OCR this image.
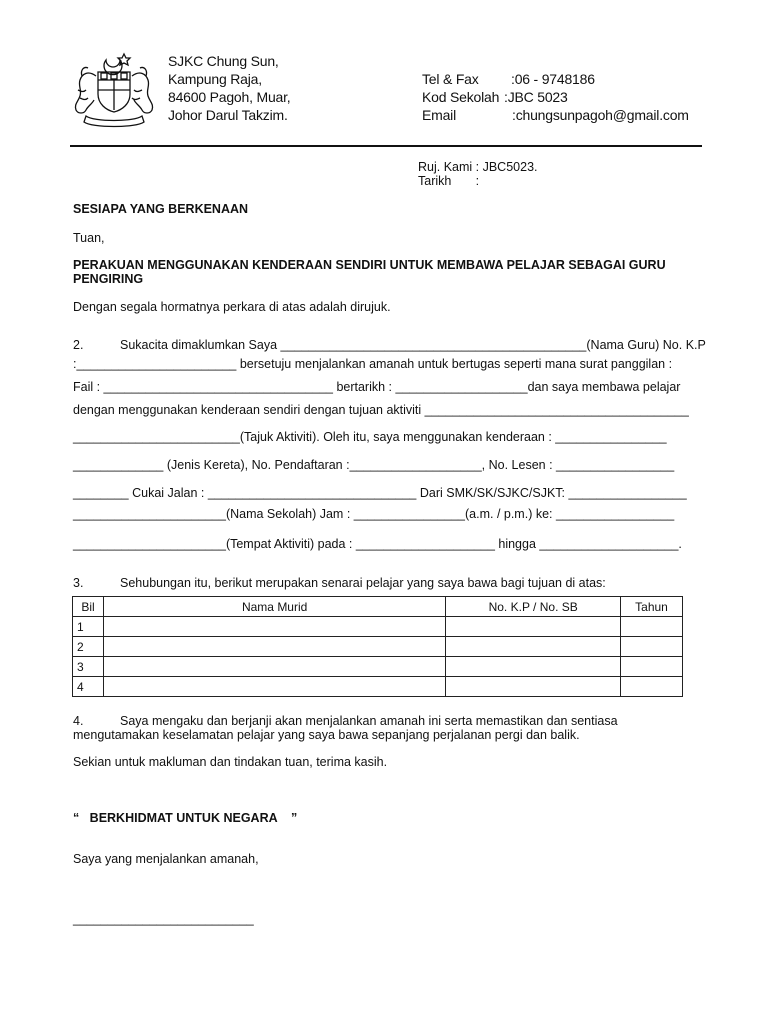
SJKC Chung Sun,
Kampung Raja,
84600 Pagoh, Muar,
Johor Darul Takzim.
Tel & Fax :06 - 9748186
Kod Sekolah :JBC 5023
Email	:chungsunpagoh@gmail.com
Ruj. Kami : JBC5023.
Tarikh       :
SESIAPA YANG BERKENAAN
Tuan,
PERAKUAN MENGGUNAKAN KENDERAAN SENDIRI UNTUK MEMBAWA PELAJAR SEBAGAI GURU
PENGIRING
Dengan segala hormatnya perkara di atas adalah dirujuk.
2.	Sukacita dimaklumkan Saya ____________________________________________(Nama Guru) No. K.P
:_______________________ bersetuju menjalankan amanah untuk bertugas seperti mana surat panggilan :
Fail : _________________________________ bertarikh : ___________________dan saya membawa pelajar
dengan menggunakan kenderaan sendiri dengan tujuan aktiviti ______________________________________
________________________(Tajuk Aktiviti). Oleh itu, saya menggunakan kenderaan : ________________
_____________ (Jenis Kereta), No. Pendaftaran :___________________, No. Lesen : _________________
________ Cukai Jalan : ______________________________ Dari SMK/SK/SJKC/SJKT: _________________
______________________(Nama Sekolah) Jam : ________________(a.m. / p.m.) ke: _________________
______________________(Tempat Aktiviti) pada : ____________________ hingga ____________________.
3.	Sehubungan itu, berikut merupakan senarai pelajar yang saya bawa bagi tujuan di atas:
Bil	Nama Murid	No. K.P / No. SB	Tahun
1			
2			
3			
4			
4.	Saya mengaku dan berjanji akan menjalankan amanah ini serta memastikan dan sentiasa
mengutamakan keselamatan pelajar yang saya bawa sepanjang perjalanan pergi dan balik.
Sekian untuk makluman dan tindakan tuan, terima kasih.
“   BERKHIDMAT UNTUK NEGARA    ”
Saya yang menjalankan amanah,
__________________________
